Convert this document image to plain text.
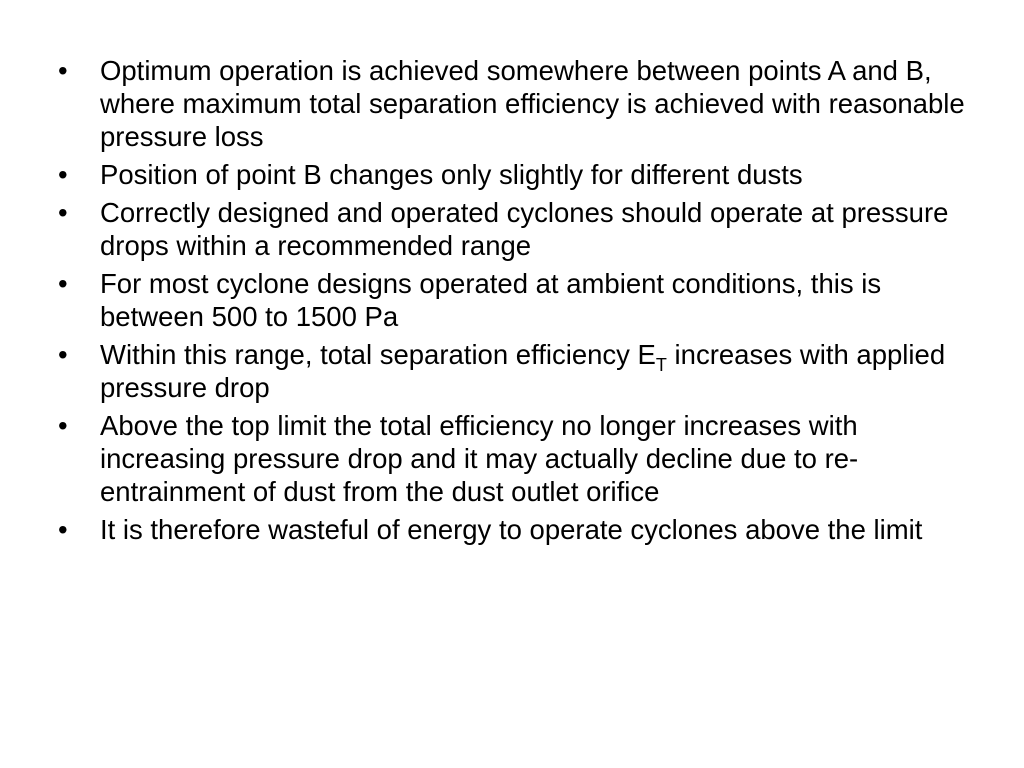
•	Optimum operation is achieved somewhere between points A and B, where maximum total separation efficiency is achieved with reasonable pressure loss
•	Position of point B changes only slightly for different dusts
•	Correctly designed and operated cyclones should operate at pressure drops within a recommended range
•	For most cyclone designs operated at ambient conditions, this is between 500 to 1500 Pa
•	Within this range, total separation efficiency $E_T$ increases with applied pressure drop
•	Above the top limit the total efficiency no longer increases with increasing pressure drop and it may actually decline due to re-entrainment of dust from the dust outlet orifice
•	It is therefore wasteful of energy to operate cyclones above the limit
